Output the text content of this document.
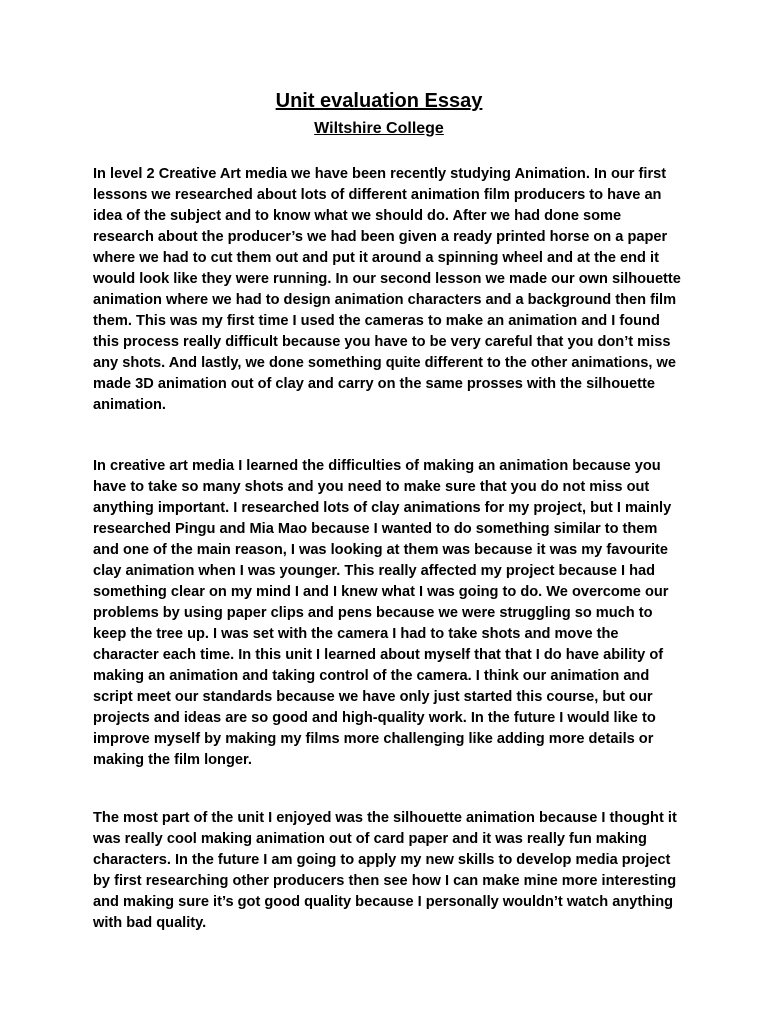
Unit evaluation Essay
Wiltshire College

In level 2 Creative Art media we have been recently studying Animation. In our first lessons we researched about lots of different animation film producers to have an idea of the subject and to know what we should do. After we had done some research about the producer’s we had been given a ready printed horse on a paper where we had to cut them out and put it around a spinning wheel and at the end it would look like they were running. In our second lesson we made our own silhouette animation where we had to design animation characters and a background then film them. This was my first time I used the cameras to make an animation and I found this process really difficult because you have to be very careful that you don’t miss any shots. And lastly, we done something quite different to the other animations, we made 3D animation out of clay and carry on the same prosses with the silhouette animation.

In creative art media I learned the difficulties of making an animation because you have to take so many shots and you need to make sure that you do not miss out anything important. I researched lots of clay animations for my project, but I mainly researched Pingu and Mia Mao because I wanted to do something similar to them and one of the main reason, I was looking at them was because it was my favourite clay animation when I was younger. This really affected my project because I had something clear on my mind I and I knew what I was going to do. We overcome our problems by using paper clips and pens because we were struggling so much to keep the tree up. I was set with the camera I had to take shots and move the character each time. In this unit I learned about myself that that I do have ability of making an animation and taking control of the camera. I think our animation and script meet our standards because we have only just started this course, but our projects and ideas are so good and high-quality work. In the future I would like to improve myself by making my films more challenging like adding more details or making the film longer.

The most part of the unit I enjoyed was the silhouette animation because I thought it was really cool making animation out of card paper and it was really fun making characters. In the future I am going to apply my new skills to develop media project by first researching other producers then see how I can make mine more interesting and making sure it’s got good quality because I personally wouldn’t watch anything with bad quality.
